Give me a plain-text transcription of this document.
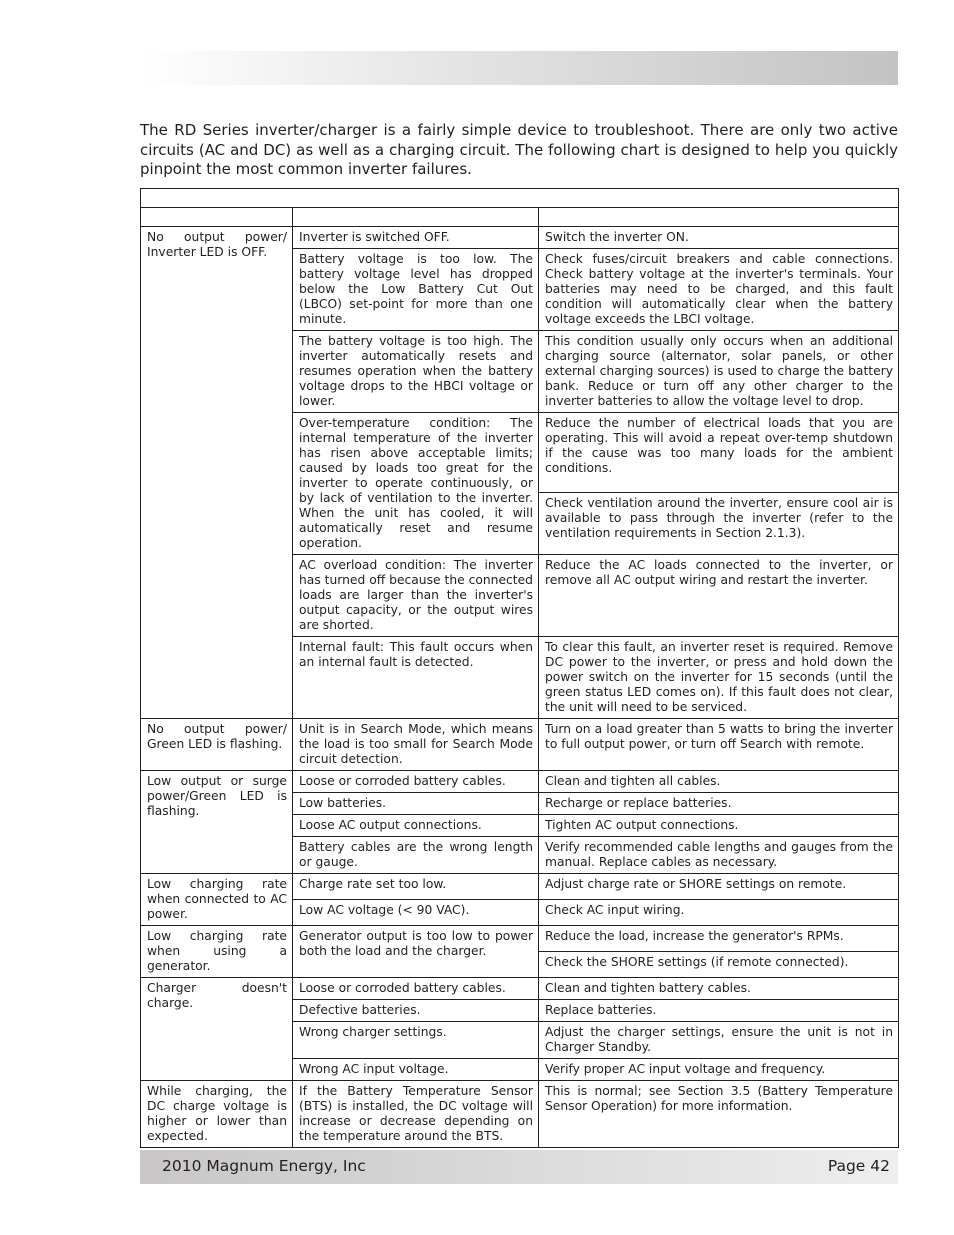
The RD Series inverter/charger is a fairly simple device to troubleshoot. There are only two active circuits (AC and DC) as well as a charging circuit. The following chart is designed to help you quickly pinpoint the most common inverter failures.

No output power/ Inverter LED is OFF.	Inverter is switched OFF.	Switch the inverter ON.
	Battery voltage is too low. The battery voltage level has dropped below the Low Battery Cut Out (LBCO) set-point for more than one minute.	Check fuses/circuit breakers and cable connections. Check battery voltage at the inverter's terminals. Your batteries may need to be charged, and this fault condition will automatically clear when the battery voltage exceeds the LBCI voltage.
	The battery voltage is too high. The inverter automatically resets and resumes operation when the battery voltage drops to the HBCI voltage or lower.	This condition usually only occurs when an additional charging source (alternator, solar panels, or other external charging sources) is used to charge the battery bank. Reduce or turn off any other charger to the inverter batteries to allow the voltage level to drop.
	Over-temperature condition: The internal temperature of the inverter has risen above acceptable limits; caused by loads too great for the inverter to operate continuously, or by lack of ventilation to the inverter. When the unit has cooled, it will automatically reset and resume operation.	Reduce the number of electrical loads that you are operating. This will avoid a repeat over-temp shutdown if the cause was too many loads for the ambient conditions.
		Check ventilation around the inverter, ensure cool air is available to pass through the inverter (refer to the ventilation requirements in Section 2.1.3).
	AC overload condition: The inverter has turned off because the connected loads are larger than the inverter's output capacity, or the output wires are shorted.	Reduce the AC loads connected to the inverter, or remove all AC output wiring and restart the inverter.
	Internal fault: This fault occurs when an internal fault is detected.	To clear this fault, an inverter reset is required. Remove DC power to the inverter, or press and hold down the power switch on the inverter for 15 seconds (until the green status LED comes on). If this fault does not clear, the unit will need to be serviced.
No output power/ Green LED is flashing.	Unit is in Search Mode, which means the load is too small for Search Mode circuit detection.	Turn on a load greater than 5 watts to bring the inverter to full output power, or turn off Search with remote.
Low output or surge power/Green LED is flashing.	Loose or corroded battery cables.	Clean and tighten all cables.
	Low batteries.	Recharge or replace batteries.
	Loose AC output connections.	Tighten AC output connections.
	Battery cables are the wrong length or gauge.	Verify recommended cable lengths and gauges from the manual. Replace cables as necessary.
Low charging rate when connected to AC power.	Charge rate set too low.	Adjust charge rate or SHORE settings on remote.
	Low AC voltage (< 90 VAC).	Check AC input wiring.
Low charging rate when using a generator.	Generator output is too low to power both the load and the charger.	Reduce the load, increase the generator's RPMs.
		Check the SHORE settings (if remote connected).
Charger doesn't charge.	Loose or corroded battery cables.	Clean and tighten battery cables.
	Defective batteries.	Replace batteries.
	Wrong charger settings.	Adjust the charger settings, ensure the unit is not in Charger Standby.
	Wrong AC input voltage.	Verify proper AC input voltage and frequency.
While charging, the DC charge voltage is higher or lower than expected.	If the Battery Temperature Sensor (BTS) is installed, the DC voltage will increase or decrease depending on the temperature around the BTS.	This is normal; see Section 3.5 (Battery Temperature Sensor Operation) for more information.
2010 Magnum Energy, Inc	Page 42
